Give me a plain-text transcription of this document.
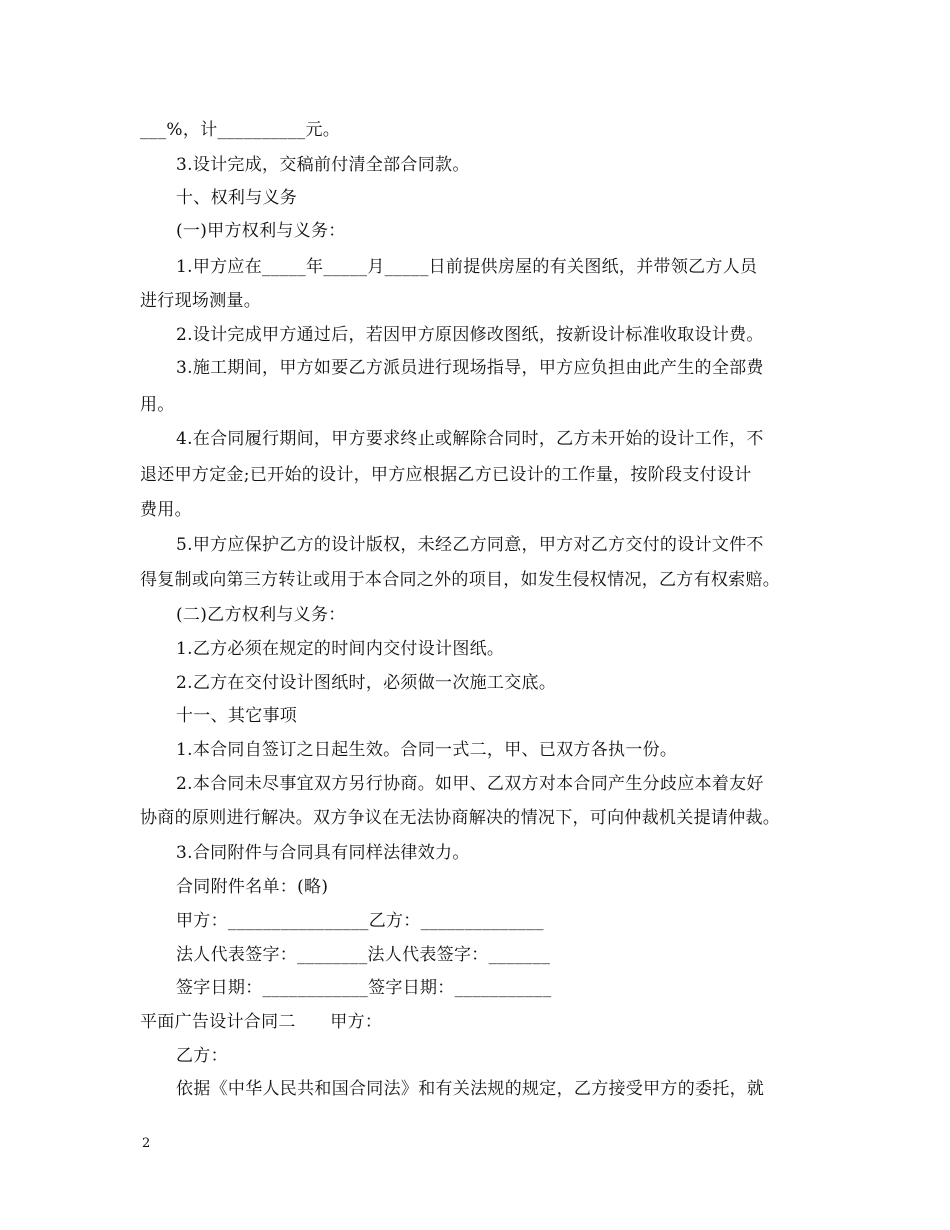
___%，计__________元。
3.设计完成，交稿前付清全部合同款。
十、权利与义务
(一)甲方权利与义务：
1.甲方应在_____年_____月_____日前提供房屋的有关图纸，并带领乙方人员
进行现场测量。
2.设计完成甲方通过后，若因甲方原因修改图纸，按新设计标准收取设计费。
3.施工期间，甲方如要乙方派员进行现场指导，甲方应负担由此产生的全部费
用。
4.在合同履行期间，甲方要求终止或解除合同时，乙方未开始的设计工作，不
退还甲方定金;已开始的设计，甲方应根据乙方已设计的工作量，按阶段支付设计
费用。
5.甲方应保护乙方的设计版权，未经乙方同意，甲方对乙方交付的设计文件不
得复制或向第三方转让或用于本合同之外的项目，如发生侵权情况，乙方有权索赔。
(二)乙方权利与义务：
1.乙方必须在规定的时间内交付设计图纸。
2.乙方在交付设计图纸时，必须做一次施工交底。
十一、其它事项
1.本合同自签订之日起生效。合同一式二，甲、已双方各执一份。
2.本合同未尽事宜双方另行协商。如甲、乙双方对本合同产生分歧应本着友好
协商的原则进行解决。双方争议在无法协商解决的情况下，可向仲裁机关提请仲裁。
3.合同附件与合同具有同样法律效力。
合同附件名单：(略)
甲方：________________乙方：______________
法人代表签字：________法人代表签字：_______
签字日期：____________签字日期：___________
平面广告设计合同二　　甲方：
乙方：
依据《中华人民共和国合同法》和有关法规的规定，乙方接受甲方的委托，就
2
